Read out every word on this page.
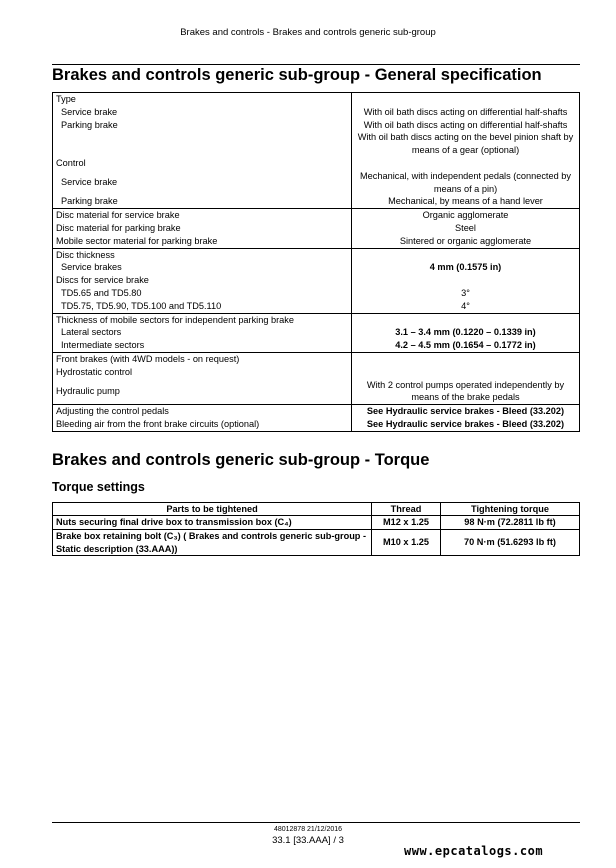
Brakes and controls - Brakes and controls generic sub-group
Brakes and controls generic sub-group - General specification
Type	
Service brake	With oil bath discs acting on differential half-shafts
Parking brake	With oil bath discs acting on differential half-shafts
	With oil bath discs acting on the bevel pinion shaft by means of a gear (optional)
Control	
Service brake	Mechanical, with independent pedals (connected by means of a pin)
Parking brake	Mechanical, by means of a hand lever
Disc material for service brake	Organic agglomerate
Disc material for parking brake	Steel
Mobile sector material for parking brake	Sintered or organic agglomerate
Disc thickness	
Service brakes	4 mm (0.1575 in)
Discs for service brake	
TD5.65 and TD5.80	3°
TD5.75, TD5.90, TD5.100 and TD5.110	4°
Thickness of mobile sectors for independent parking brake	
Lateral sectors	3.1 – 3.4 mm (0.1220 – 0.1339 in)
Intermediate sectors	4.2 – 4.5 mm (0.1654 – 0.1772 in)
Front brakes (with 4WD models - on request)	
Hydrostatic control	
Hydraulic pump	With 2 control pumps operated independently by means of the brake pedals
Adjusting the control pedals	See Hydraulic service brakes - Bleed (33.202)
Bleeding air from the front brake circuits (optional)	See Hydraulic service brakes - Bleed (33.202)
Brakes and controls generic sub-group - Torque
Torque settings
Parts to be tightened	Thread	Tightening torque
Nuts securing final drive box to transmission box (C₄)	M12 x 1.25	98 N·m (72.2811 lb ft)
Brake box retaining bolt (C₃) ( Brakes and controls generic sub-group - Static description (33.AAA))	M10 x 1.25	70 N·m (51.6293 lb ft)
48012878 21/12/2016
33.1 [33.AAA] / 3
www.epcatalogs.com
